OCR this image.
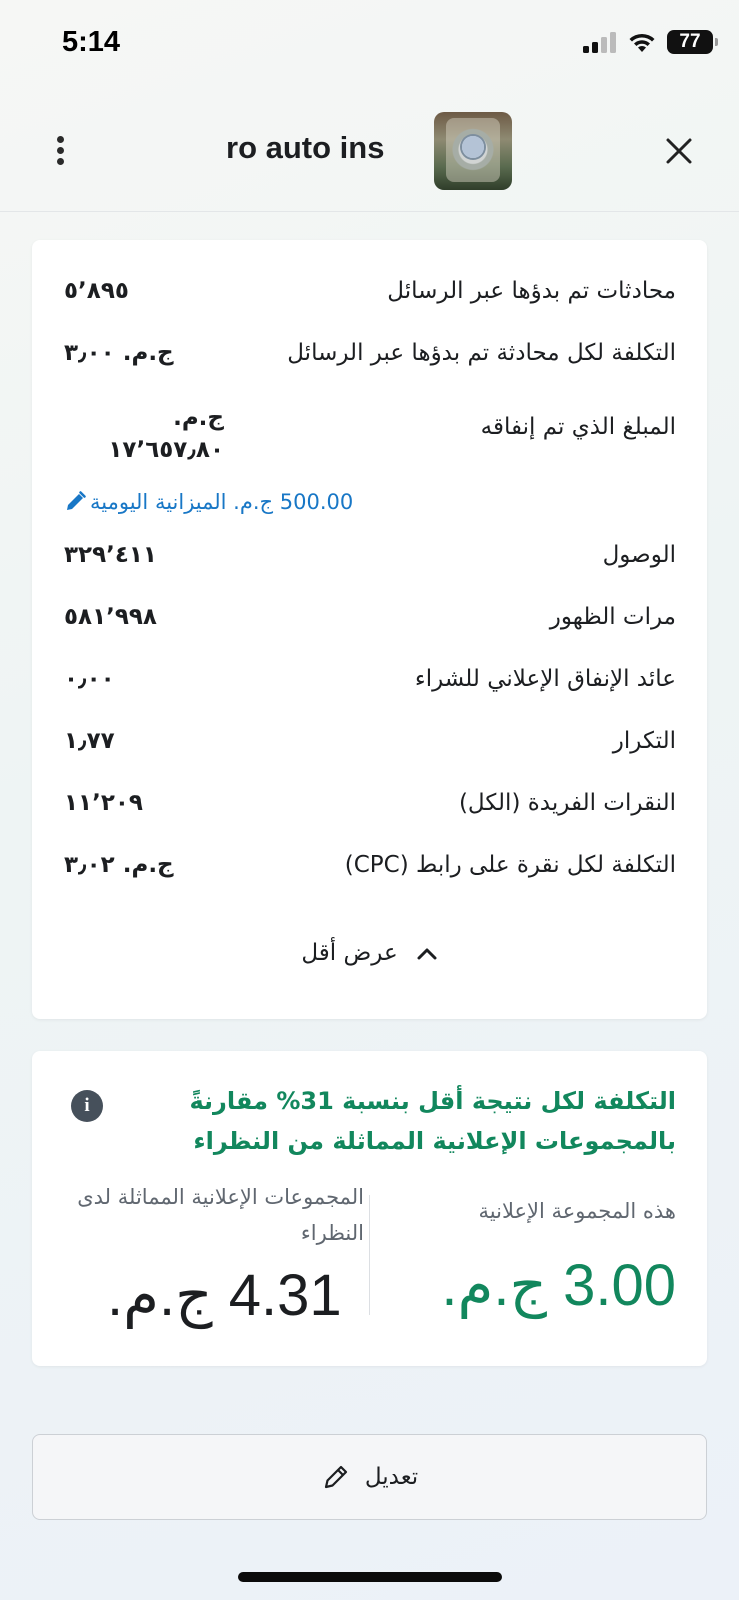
5:14	77
ro auto ins
محادثات تم بدؤها عبر الرسائل
٥٬٨٩٥
التكلفة لكل محادثة تم بدؤها عبر الرسائل
ج.م. ٣٫٠٠
المبلغ الذي تم إنفاقه
ج.م.
١٧٬٦٥٧٫٨٠
500.00 ج.م. الميزانية اليومية
الوصول
٣٢٩٬٤١١
مرات الظهور
٥٨١٬٩٩٨
عائد الإنفاق الإعلاني للشراء
٠٫٠٠
التكرار
١٫٧٧
النقرات الفريدة (الكل)
١١٬٢٠٩
التكلفة لكل نقرة على رابط (CPC)
ج.م. ٣٫٠٢
عرض أقل
التكلفة لكل نتيجة أقل بنسبة 31% مقارنةً بالمجموعات الإعلانية المماثلة من النظراء
i
هذه المجموعة الإعلانية
3.00 ج.م.
المجموعات الإعلانية المماثلة لدى النظراء
4.31 ج.م.
تعديل
